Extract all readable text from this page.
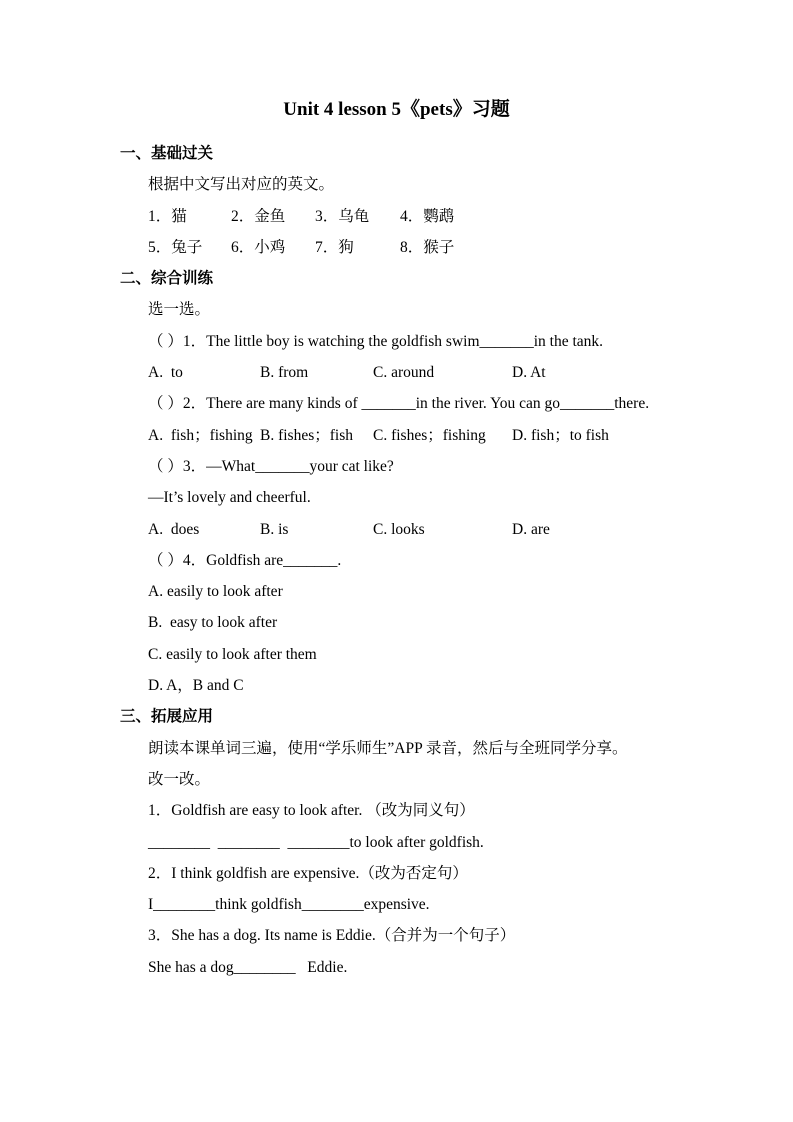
Unit 4 lesson 5《pets》习题
一、基础过关
根据中文写出对应的英文。
1．猫	2．金鱼	3．乌龟	4．鹦鹉
5．兔子	6．小鸡	7．狗	8．猴子
二、综合训练
选一选。
（ ）1．The little boy is watching the goldfish swim_______in the tank.
A.  to	B. from	C. around	D. At
（ ）2．There are many kinds of _______in the river. You can go_______there.
A.  fish；fishing B. fishes；fish	C. fishes；fishing	D. fish；to fish
（ ）3．—What_______your cat like?
—It’s lovely and cheerful.
A.  does	B. is	C. looks	D. are
（ ）4．Goldfish are_______.
A. easily to look after
B.  easy to look after
C. easily to look after them
D. A，B and C
三、拓展应用
朗读本课单词三遍，使用“学乐师生”APP 录音，然后与全班同学分享。
改一改。
1．Goldfish are easy to look after. （改为同义句）
________  ________  ________to look after goldfish.
2．I think goldfish are expensive.（改为否定句）
I________think goldfish________expensive.
3．She has a dog. Its name is Eddie.（合并为一个句子）
She has a dog________   Eddie.
